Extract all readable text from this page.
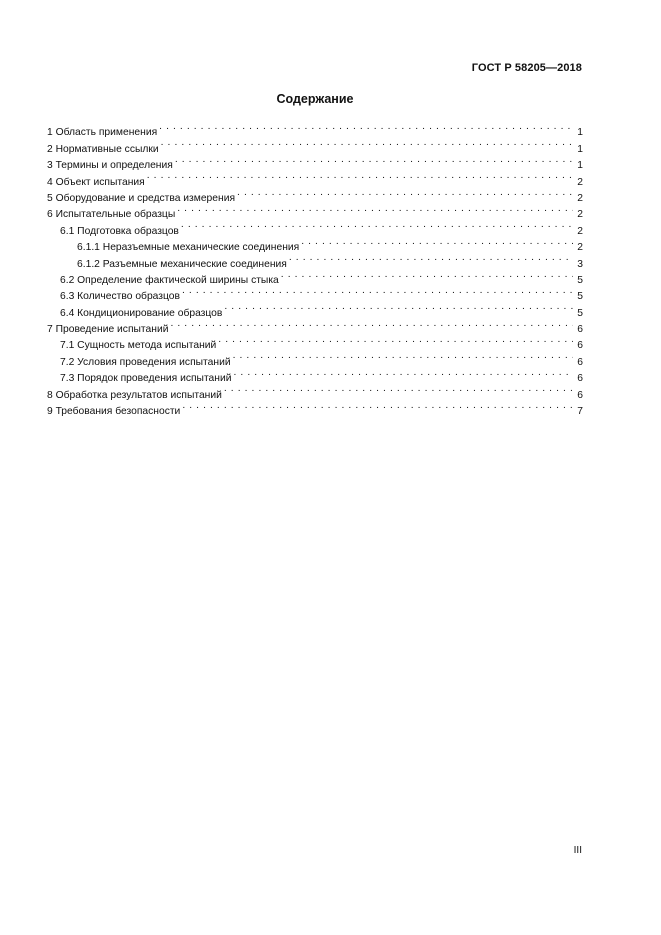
ГОСТ Р 58205—2018
Содержание
1 Область применения . . .	1
2 Нормативные ссылки . . .	1
3 Термины и определения . . .	1
4 Объект испытания . . .	2
5 Оборудование и средства измерения . . .	2
6 Испытательные образцы . . .	2
6.1 Подготовка образцов . . .	2
6.1.1 Неразъемные механические соединения . . .	2
6.1.2 Разъемные механические соединения . . .	3
6.2 Определение фактической ширины стыка . . .	5
6.3 Количество образцов . . .	5
6.4 Кондиционирование образцов . . .	5
7 Проведение испытаний . . .	6
7.1 Сущность метода испытаний . . .	6
7.2 Условия проведения испытаний . . .	6
7.3 Порядок проведения испытаний . . .	6
8 Обработка результатов испытаний . . .	6
9 Требования безопасности . . .	7
III
